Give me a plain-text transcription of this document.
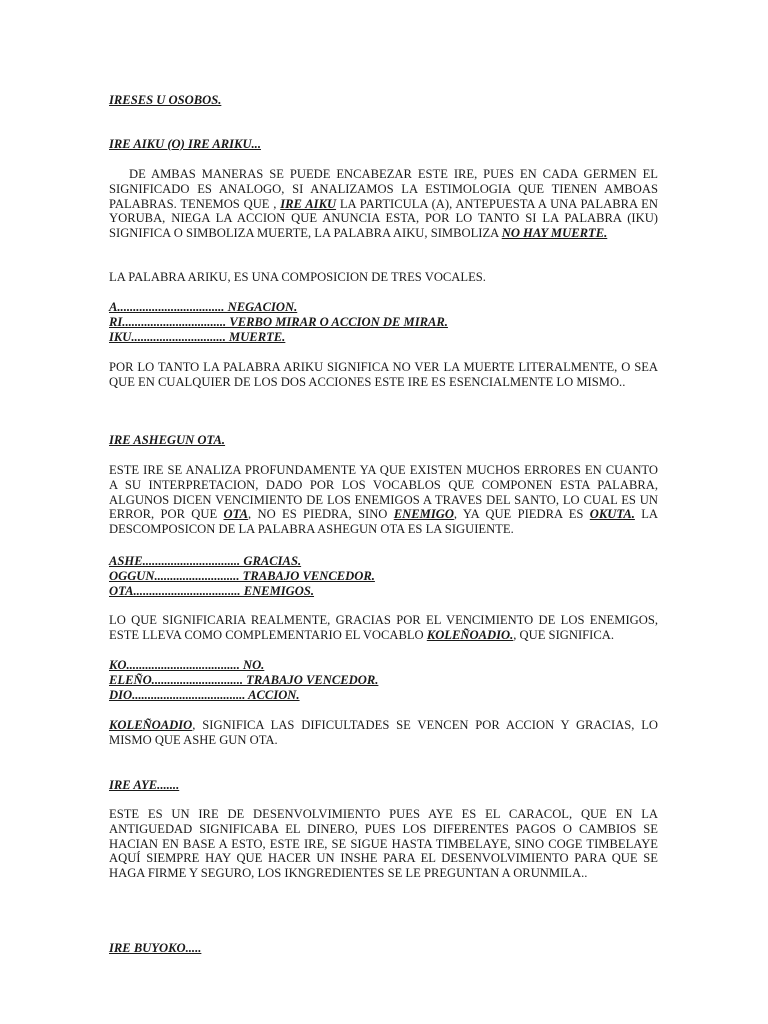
IRESES U OSOBOS.
IRE AIKU (O) IRE ARIKU...
DE AMBAS MANERAS SE PUEDE ENCABEZAR ESTE IRE, PUES EN CADA GERMEN EL SIGNIFICADO ES ANALOGO, SI ANALIZAMOS LA ESTIMOLOGIA QUE TIENEN AMBOAS PALABRAS. TENEMOS QUE , IRE AIKU LA PARTICULA (A), ANTEPUESTA A UNA PALABRA EN YORUBA, NIEGA LA ACCION QUE ANUNCIA ESTA, POR LO TANTO SI LA PALABRA (IKU) SIGNIFICA O SIMBOLIZA MUERTE, LA PALABRA AIKU, SIMBOLIZA NO HAY MUERTE.
LA PALABRA ARIKU, ES UNA COMPOSICION DE TRES VOCALES.
A.................................. NEGACION.
RI................................. VERBO MIRAR O ACCION DE MIRAR.
IKU.............................. MUERTE.
POR LO TANTO LA PALABRA ARIKU SIGNIFICA NO VER LA MUERTE LITERALMENTE, O SEA QUE EN CUALQUIER DE LOS DOS ACCIONES ESTE IRE ES ESENCIALMENTE LO MISMO..
IRE ASHEGUN OTA.
ESTE IRE SE ANALIZA PROFUNDAMENTE YA QUE EXISTEN MUCHOS ERRORES EN CUANTO A SU INTERPRETACION, DADO POR LOS VOCABLOS QUE COMPONEN ESTA PALABRA, ALGUNOS DICEN VENCIMIENTO DE LOS ENEMIGOS A TRAVES DEL SANTO, LO CUAL ES UN ERROR, POR QUE OTA, NO ES PIEDRA, SINO ENEMIGO, YA QUE PIEDRA ES OKUTA. LA DESCOMPOSICON DE LA PALABRA ASHEGUN OTA ES LA SIGUIENTE.
ASHE............................... GRACIAS.
OGGUN........................... TRABAJO VENCEDOR.
OTA.................................. ENEMIGOS.
LO QUE SIGNIFICARIA REALMENTE, GRACIAS POR EL VENCIMIENTO DE LOS ENEMIGOS, ESTE LLEVA COMO COMPLEMENTARIO EL VOCABLO KOLEÑOADIO., QUE SIGNIFICA.
KO.................................... NO.
ELEÑO............................. TRABAJO VENCEDOR.
DIO.................................... ACCION.
KOLEÑOADIO, SIGNIFICA LAS DIFICULTADES SE VENCEN POR ACCION Y GRACIAS, LO MISMO QUE ASHE GUN OTA.
IRE AYE.......
ESTE ES UN IRE DE DESENVOLVIMIENTO PUES AYE ES EL CARACOL, QUE EN LA ANTIGUEDAD SIGNIFICABA EL DINERO, PUES LOS DIFERENTES PAGOS O CAMBIOS SE HACIAN EN BASE A ESTO, ESTE IRE, SE SIGUE HASTA TIMBELAYE, SINO COGE TIMBELAYE AQUÍ SIEMPRE HAY QUE HACER UN INSHE PARA EL DESENVOLVIMIENTO PARA QUE SE HAGA FIRME Y SEGURO, LOS IKNGREDIENTES SE LE PREGUNTAN A ORUNMILA..
IRE BUYOKO.....
